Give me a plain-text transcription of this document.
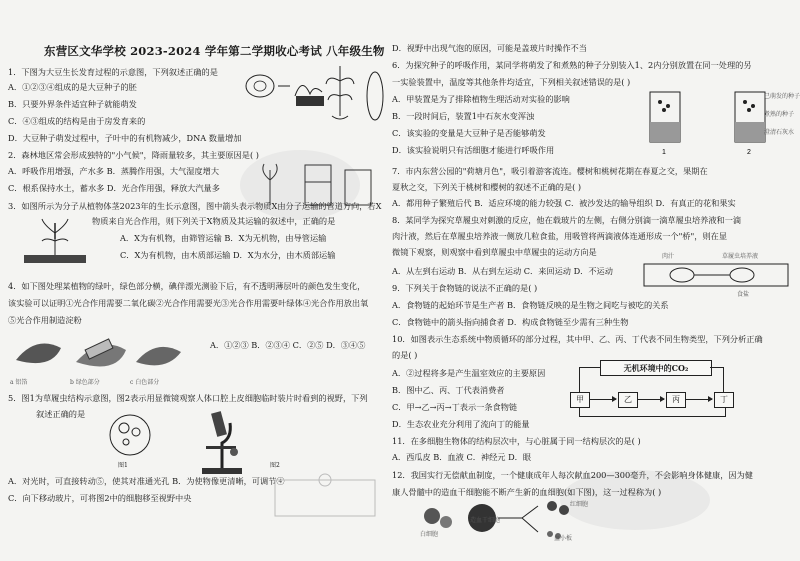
东营区文华学校 2023-2024 学年第二学期收心考试 八年级生物
1．下图为大豆生长发育过程的示意图，下列叙述正确的是
A．①②③④组成的是大豆种子的胚
B．只要外界条件适宜种子就能萌发
C．④③组成的结构是由于房发育来的
D．大豆种子萌发过程中，子叶中的有机物减少，DNA 数量增加
2．森林地区常会形成独特的"小气候"，降雨量较多，其主要原因是( )
A．呼吸作用增强，产水多 B．蒸腾作用强，大气湿度增大
C．根系保持水土，蓄水多 D．光合作用强，释放大汽量多
3．如图所示为分子从植物体茎2023年的生长示意图，图中箭头表示物质X由分子运输的管道方向，若X
物质来自光合作用，则下列关于X物质及其运输的叙述中，正确的是
A．X为有机物，由筛管运输 B．X为无机物，由导管运输
C．X为有机物，由木质部运输 D．X为水分，由木质部运输
4．如下图处理某植物的绿叶，绿色部分横，碘伴漂光测验下后，有不透明薄层叶的颜色发生变化，
该实验可以证明①光合作用需要二氧化碳②光合作用需要光③光合作用需要叶绿体④光合作用放出氧
⑤光合作用制造淀粉
a 铝箔	b 绿色部分	c 白色部分
A．①②③ B．②③④ C．②⑤ D．③④⑤
5．图1为草履虫结构示意图，图2表示用显微镜观察人体口腔上皮细胞临时装片时看到的视野，下列
叙述正确的是
图1	图2
A．对光时，可直接转动⑤，使其对准通光孔 B．为使物像更清晰，可调节④
C．向下移动玻片，可将图2中的细胞移至视野中央
D．视野中出现气泡的原因，可能是盖玻片时操作不当
6．为探究种子的呼吸作用，某同学将萌发了和煮熟的种子分别装入1、2内分别放置在同一处理的另
一实验装置中，温度等其他条件均适宜，下列相关叙述错误的是( )
A．甲装置是为了排除植物生理活动对实验的影响
B．一段时间后，装置1中石灰水变浑浊
C．该实验的变量是大豆种子是否能够萌发
D．该实验说明只有活细胞才能进行呼吸作用	1	2
已萌发的种子
煮熟的种子
澄清石灰水
7．市内东营公园的"荷塘月色"，吸引着游客流连。樱树和桃树花期在春夏之交，果期在
夏秋之交，下列关于桃树和樱树的叙述不正确的是( )
A．都用种子繁殖后代 B．适应环境的能力较强 C．被沙发达的输导组织 D．有真正的花和果实
8．某同学为探究草履虫对刺激的反应，他在载玻片的左侧，右侧分别滴一滴草履虫培养液和一滴
肉汁液，然后在草履虫培养液一侧放几粒食盐，用吸管将两滴液体连通形成一个"桥"，则在显
微镜下观察，则观察中看到草履虫中草履虫的运动方向是
A．从左到右运动 B．从右到左运动 C．来回运动 D．不运动
肉汁	草履虫培养液
食盐
9．下列关于食物链的说法不正确的是( )
A．食物链的起始环节是生产者 B．食物链反映的是生物之间吃与被吃的关系
C．食物链中的箭头指向捕食者 D．构成食物链至少需有三种生物
10．如图表示生态系统中物质循环的部分过程，其中甲、乙、丙、丁代表不同生物类型，下列分析正确
的是( )
A．②过程将多是产生温室效应的主要原因
B．图中乙、丙、丁代表消费者
C．甲→乙→丙→丁表示一条食物链
D．生态农业充分利用了流向丁的能量
无机环境中的CO₂
甲	乙	丙	丁
11．在多细胞生物体的结构层次中，与心脏属于同一结构层次的是( )
A．西瓜皮 B．血液 C．神经元 D．眼
12．我国实行无偿献血制度，一个健康成年人每次献血200—300毫升，不会影响身体健康，因为健
康人骨髓中的造血干细胞能不断产生新的血细胞(如下图)，这一过程称为( )
造血干细胞
红细胞
白细胞
血小板
